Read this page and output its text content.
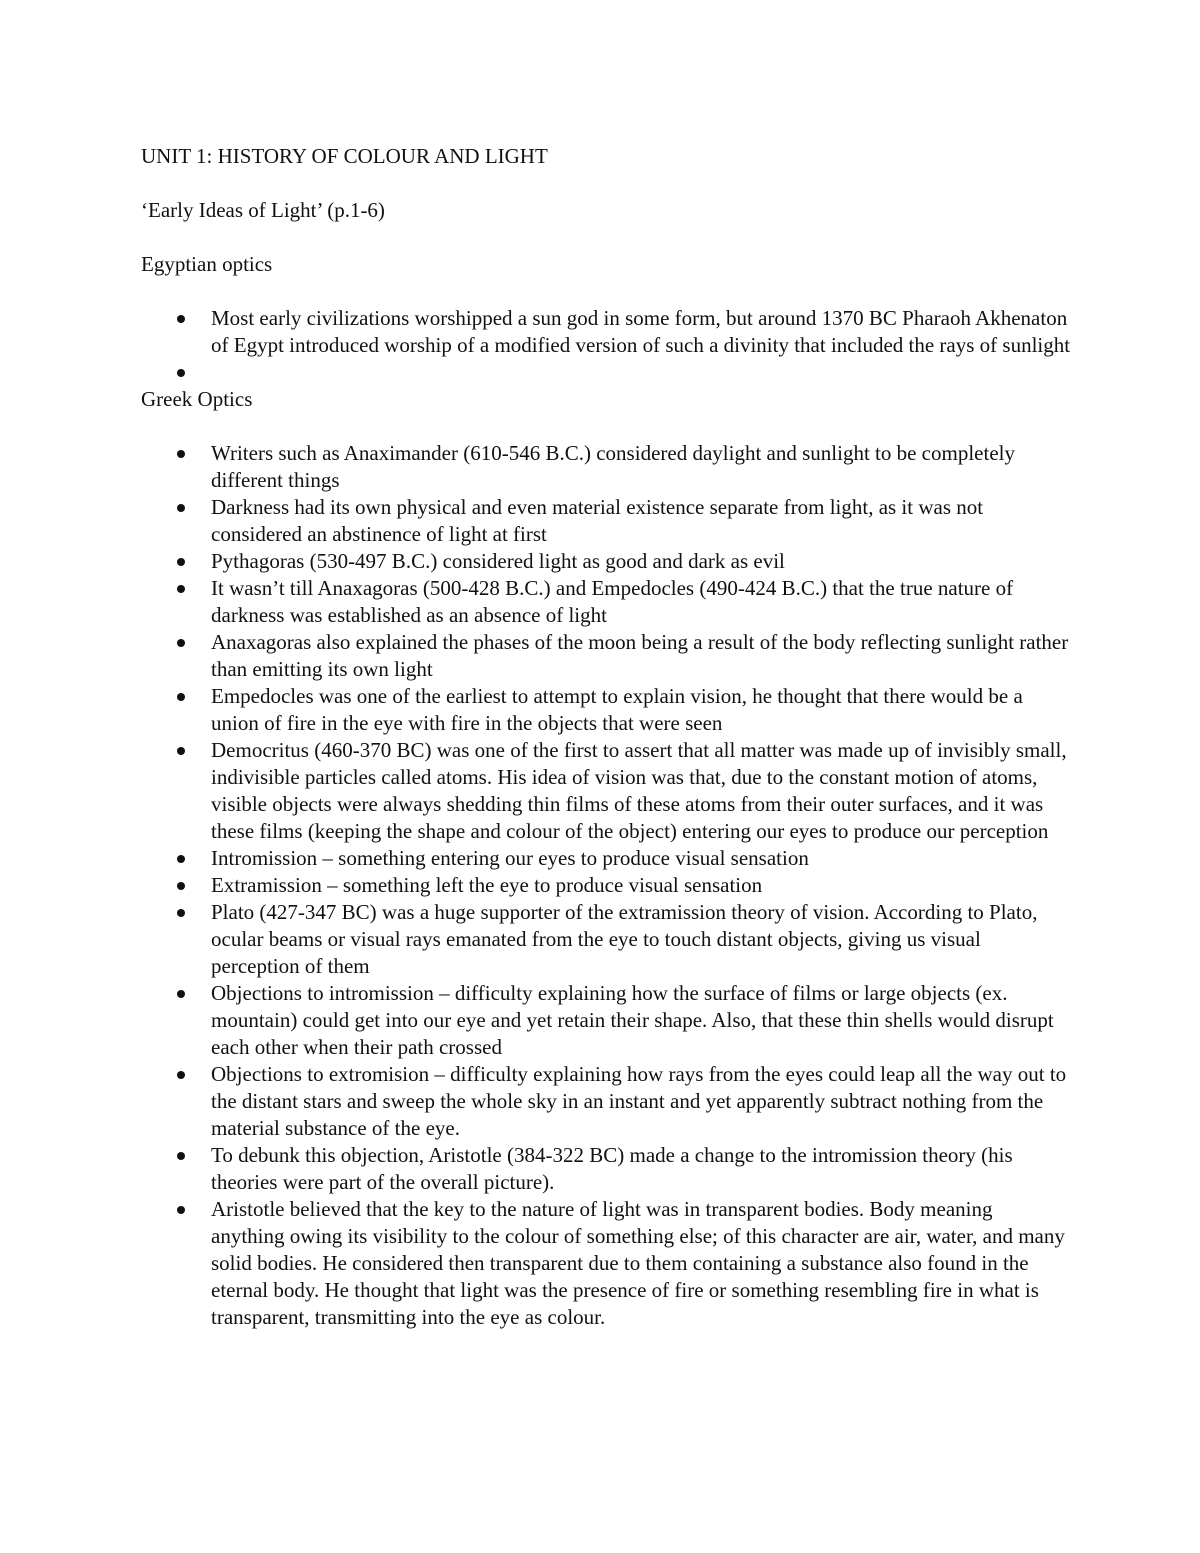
UNIT 1: HISTORY OF COLOUR AND LIGHT

‘Early Ideas of Light’ (p.1-6)

Egyptian optics

Most early civilizations worshipped a sun god in some form, but around 1370 BC Pharaoh Akhenaton of Egypt introduced worship of a modified version of such a divinity that included the rays of sunlight

Greek Optics

Writers such as Anaximander (610-546 B.C.) considered daylight and sunlight to be completely different things
Darkness had its own physical and even material existence separate from light, as it was not considered an abstinence of light at first
Pythagoras (530-497 B.C.) considered light as good and dark as evil
It wasn’t till Anaxagoras (500-428 B.C.) and Empedocles (490-424 B.C.) that the true nature of darkness was established as an absence of light
Anaxagoras also explained the phases of the moon being a result of the body reflecting sunlight rather than emitting its own light
Empedocles was one of the earliest to attempt to explain vision, he thought that there would be a union of fire in the eye with fire in the objects that were seen
Democritus (460-370 BC) was one of the first to assert that all matter was made up of invisibly small, indivisible particles called atoms. His idea of vision was that, due to the constant motion of atoms, visible objects were always shedding thin films of these atoms from their outer surfaces, and it was these films (keeping the shape and colour of the object) entering our eyes to produce our perception
Intromission – something entering our eyes to produce visual sensation
Extramission – something left the eye to produce visual sensation
Plato (427-347 BC) was a huge supporter of the extramission theory of vision. According to Plato, ocular beams or visual rays emanated from the eye to touch distant objects, giving us visual perception of them
Objections to intromission – difficulty explaining how the surface of films or large objects (ex. mountain) could get into our eye and yet retain their shape. Also, that these thin shells would disrupt each other when their path crossed
Objections to extromision – difficulty explaining how rays from the eyes could leap all the way out to the distant stars and sweep the whole sky in an instant and yet apparently subtract nothing from the material substance of the eye.
To debunk this objection, Aristotle (384-322 BC) made a change to the intromission theory (his theories were part of the overall picture).
Aristotle believed that the key to the nature of light was in transparent bodies. Body meaning anything owing its visibility to the colour of something else; of this character are air, water, and many solid bodies. He considered then transparent due to them containing a substance also found in the eternal body. He thought that light was the presence of fire or something resembling fire in what is transparent, transmitting into the eye as colour.
